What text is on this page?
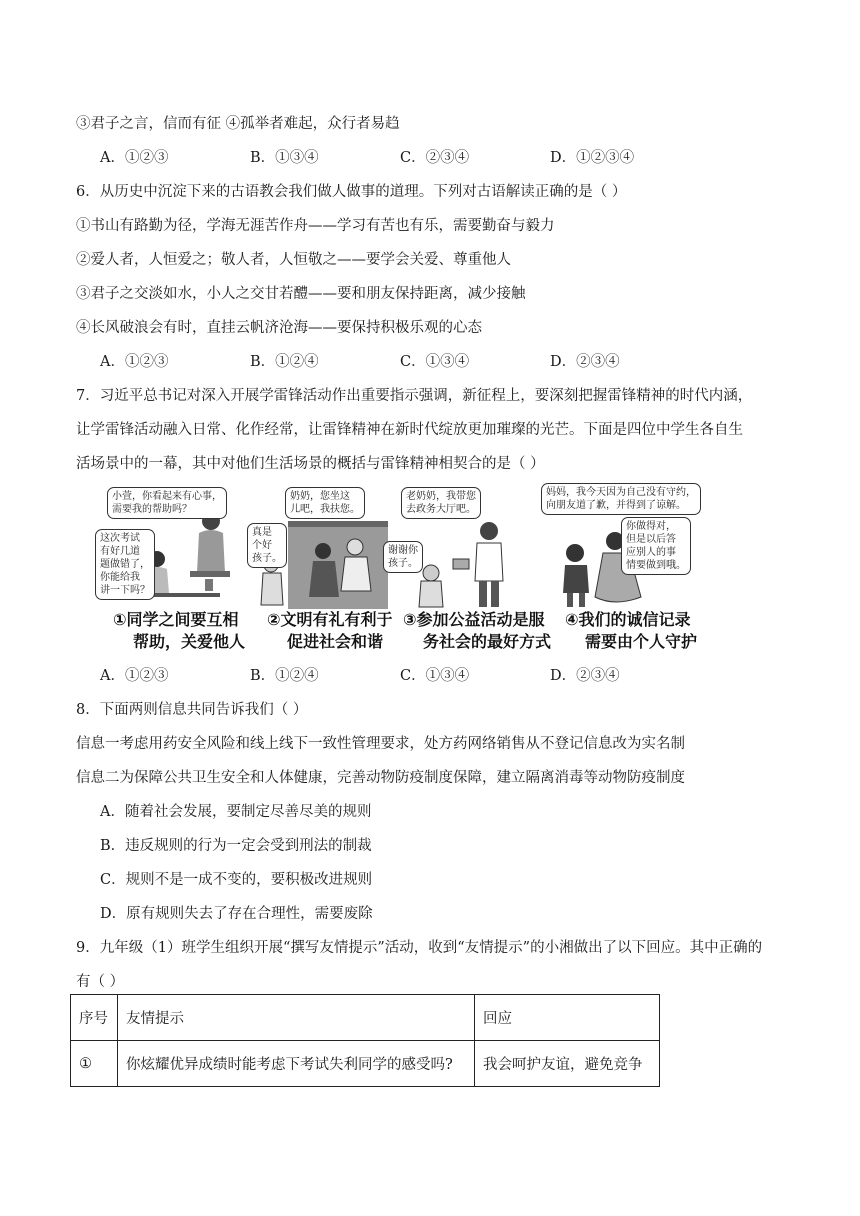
③君子之言，信而有征 ④孤举者难起，众行者易趋
A．①②③	B．①③④	C．②③④	D．①②③④
6．从历史中沉淀下来的古语教会我们做人做事的道理。下列对古语解读正确的是（ ）
①书山有路勤为径，学海无涯苦作舟——学习有苦也有乐，需要勤奋与毅力
②爱人者，人恒爱之；敬人者，人恒敬之——要学会关爱、尊重他人
③君子之交淡如水，小人之交甘若醴——要和朋友保持距离，减少接触
④长风破浪会有时，直挂云帆济沧海——要保持积极乐观的心态
A．①②③	B．①②④	C．①③④	D．②③④
7．习近平总书记对深入开展学雷锋活动作出重要指示强调，新征程上，要深刻把握雷锋精神的时代内涵，
让学雷锋活动融入日常、化作经常，让雷锋精神在新时代绽放更加璀璨的光芒。下面是四位中学生各自生
活场景中的一幕，其中对他们生活场景的概括与雷锋精神相契合的是（ ）
小萱，你看起来有心事，
需要我的帮助吗？
这次考试
有好几道
题做错了，
你能给我
讲一下吗？
奶奶，您坐这
儿吧，我扶您。
真是
个好
孩子。
老奶奶，我带您
去政务大厅吧。
谢谢你
孩子。
妈妈，我今天因为自己没有守约，
向朋友道了歉，并得到了谅解。
你做得对，
但是以后答
应别人的事
情要做到哦。
①同学之间要互相
帮助，关爱他人
②文明有礼有利于
促进社会和谐
③参加公益活动是服
务社会的最好方式
④我们的诚信记录
需要由个人守护
A．①②③	B．①②④	C．①③④	D．②③④
8．下面两则信息共同告诉我们（ ）
信息一考虑用药安全风险和线上线下一致性管理要求，处方药网络销售从不登记信息改为实名制
信息二为保障公共卫生安全和人体健康，完善动物防疫制度保障，建立隔离消毒等动物防疫制度
A．随着社会发展，要制定尽善尽美的规则
B．违反规则的行为一定会受到刑法的制裁
C．规则不是一成不变的，要积极改进规则
D．原有规则失去了存在合理性，需要废除
9．九年级（1）班学生组织开展“撰写友情提示”活动，收到“友情提示”的小湘做出了以下回应。其中正确的
有（ ）
序号	友情提示	回应
①	你炫耀优异成绩时能考虑下考试失利同学的感受吗?	我会呵护友谊，避免竞争
